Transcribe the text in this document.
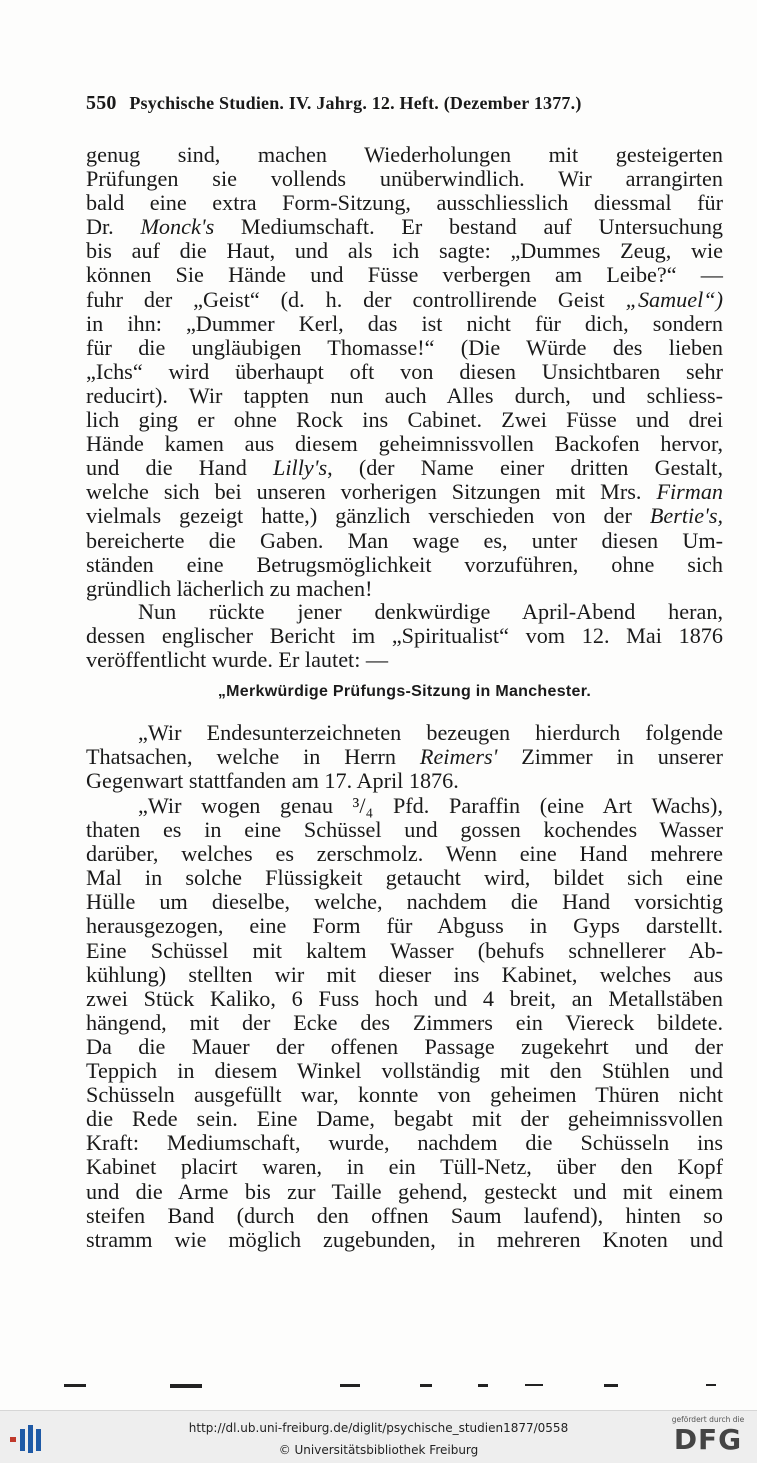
550 Psychische Studien. IV. Jahrg. 12. Heft. (Dezember 1377.)
genug sind, machen Wiederholungen mit gesteigerten
Prüfungen sie vollends unüberwindlich. Wir arrangirten
bald eine extra Form-Sitzung, ausschliesslich diessmal für
Dr. Monck's Mediumschaft. Er bestand auf Untersuchung
bis auf die Haut, und als ich sagte: „Dummes Zeug, wie
können Sie Hände und Füsse verbergen am Leibe?“ —
fuhr der „Geist“ (d. h. der controllirende Geist „Samuel“)
in ihn: „Dummer Kerl, das ist nicht für dich, sondern
für die ungläubigen Thomasse!“ (Die Würde des lieben
„Ichs“ wird überhaupt oft von diesen Unsichtbaren sehr
reducirt). Wir tappten nun auch Alles durch, und schliess-
lich ging er ohne Rock ins Cabinet. Zwei Füsse und drei
Hände kamen aus diesem geheimnissvollen Backofen hervor,
und die Hand Lilly's, (der Name einer dritten Gestalt,
welche sich bei unseren vorherigen Sitzungen mit Mrs. Firman
vielmals gezeigt hatte,) gänzlich verschieden von der Bertie's,
bereicherte die Gaben. Man wage es, unter diesen Um-
ständen eine Betrugsmöglichkeit vorzuführen, ohne sich
gründlich lächerlich zu machen!
Nun rückte jener denkwürdige April-Abend heran,
dessen englischer Bericht im „Spiritualist“ vom 12. Mai 1876
veröffentlicht wurde. Er lautet: —
„Merkwürdige Prüfungs-Sitzung in Manchester.
„Wir Endesunterzeichneten bezeugen hierdurch folgende
Thatsachen, welche in Herrn Reimers' Zimmer in unserer
Gegenwart stattfanden am 17. April 1876.
„Wir wogen genau ³/₄ Pfd. Paraffin (eine Art Wachs),
thaten es in eine Schüssel und gossen kochendes Wasser
darüber, welches es zerschmolz. Wenn eine Hand mehrere
Mal in solche Flüssigkeit getaucht wird, bildet sich eine
Hülle um dieselbe, welche, nachdem die Hand vorsichtig
herausgezogen, eine Form für Abguss in Gyps darstellt.
Eine Schüssel mit kaltem Wasser (behufs schnellerer Ab-
kühlung) stellten wir mit dieser ins Kabinet, welches aus
zwei Stück Kaliko, 6 Fuss hoch und 4 breit, an Metallstäben
hängend, mit der Ecke des Zimmers ein Viereck bildete.
Da die Mauer der offenen Passage zugekehrt und der
Teppich in diesem Winkel vollständig mit den Stühlen und
Schüsseln ausgefüllt war, konnte von geheimen Thüren nicht
die Rede sein. Eine Dame, begabt mit der geheimnissvollen
Kraft: Mediumschaft, wurde, nachdem die Schüsseln ins
Kabinet placirt waren, in ein Tüll-Netz, über den Kopf
und die Arme bis zur Taille gehend, gesteckt und mit einem
steifen Band (durch den offnen Saum laufend), hinten so
stramm wie möglich zugebunden, in mehreren Knoten und
http://dl.ub.uni-freiburg.de/diglit/psychische_studien1877/0558
© Universitätsbibliothek Freiburg
gefördert durch die
DFG
